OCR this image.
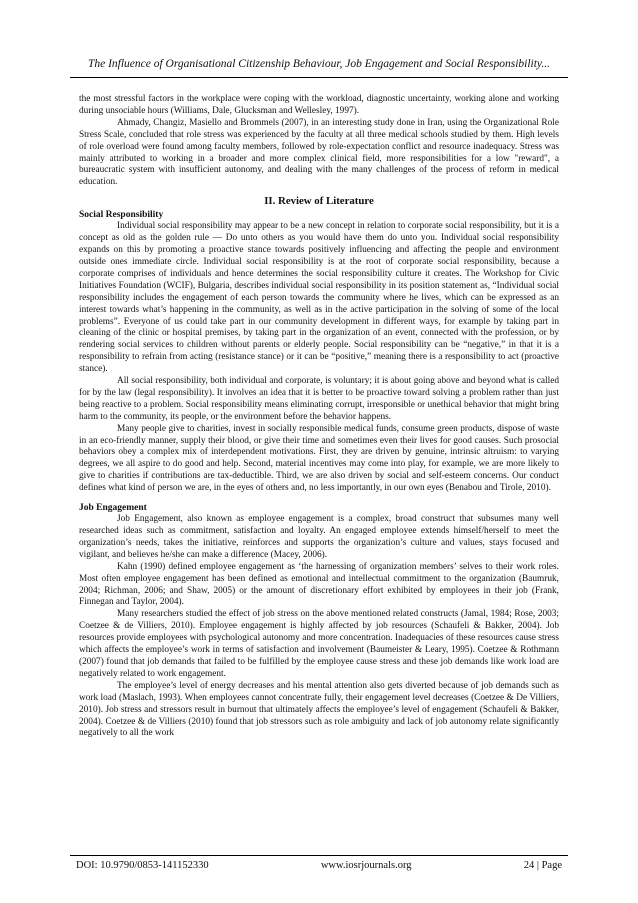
The Influence of Organisational Citizenship Behaviour, Job Engagement and Social Responsibility...

the most stressful factors in the workplace were coping with the workload, diagnostic uncertainty, working alone and working during unsociable hours (Williams, Dale, Glucksman and Wellesley, 1997).

Ahmady, Changiz, Masiello and Brommels (2007), in an interesting study done in Iran, using the Organizational Role Stress Scale, concluded that role stress was experienced by the faculty at all three medical schools studied by them. High levels of role overload were found among faculty members, followed by role-expectation conflict and resource inadequacy. Stress was mainly attributed to working in a broader and more complex clinical field, more responsibilities for a low "reward", a bureaucratic system with insufficient autonomy, and dealing with the many challenges of the process of reform in medical education.

II. Review of Literature
Social Responsibility

Individual social responsibility may appear to be a new concept in relation to corporate social responsibility, but it is a concept as old as the golden rule — Do unto others as you would have them do unto you. Individual social responsibility expands on this by promoting a proactive stance towards positively influencing and affecting the people and environment outside ones immediate circle. Individual social responsibility is at the root of corporate social responsibility, because a corporate comprises of individuals and hence determines the social responsibility culture it creates. The Workshop for Civic Initiatives Foundation (WCIF), Bulgaria, describes individual social responsibility in its position statement as, “Individual social responsibility includes the engagement of each person towards the community where he lives, which can be expressed as an interest towards what’s happening in the community, as well as in the active participation in the solving of some of the local problems”. Everyone of us could take part in our community development in different ways, for example by taking part in cleaning of the clinic or hospital premises, by taking part in the organization of an event, connected with the profession, or by rendering social services to children without parents or elderly people. Social responsibility can be “negative,” in that it is a responsibility to refrain from acting (resistance stance) or it can be “positive,” meaning there is a responsibility to act (proactive stance).

All social responsibility, both individual and corporate, is voluntary; it is about going above and beyond what is called for by the law (legal responsibility). It involves an idea that it is better to be proactive toward solving a problem rather than just being reactive to a problem. Social responsibility means eliminating corrupt, irresponsible or unethical behavior that might bring harm to the community, its people, or the environment before the behavior happens.

Many people give to charities, invest in socially responsible medical funds, consume green products, dispose of waste in an eco-friendly manner, supply their blood, or give their time and sometimes even their lives for good causes. Such prosocial behaviors obey a complex mix of interdependent motivations. First, they are driven by genuine, intrinsic altruism: to varying degrees, we all aspire to do good and help. Second, material incentives may come into play, for example, we are more likely to give to charities if contributions are tax-deductible. Third, we are also driven by social and self-esteem concerns. Our conduct defines what kind of person we are, in the eyes of others and, no less importantly, in our own eyes (Benabou and Tirole, 2010).

Job Engagement

Job Engagement, also known as employee engagement is a complex, broad construct that subsumes many well researched ideas such as commitment, satisfaction and loyalty. An engaged employee extends himself/herself to meet the organization’s needs, takes the initiative, reinforces and supports the organization’s culture and values, stays focused and vigilant, and believes he/she can make a difference (Macey, 2006).

Kahn (1990) defined employee engagement as ‘the harnessing of organization members’ selves to their work roles. Most often employee engagement has been defined as emotional and intellectual commitment to the organization (Baumruk, 2004; Richman, 2006; and Shaw, 2005) or the amount of discretionary effort exhibited by employees in their job (Frank, Finnegan and Taylor, 2004).

Many researchers studied the effect of job stress on the above mentioned related constructs (Jamal, 1984; Rose, 2003; Coetzee & de Villiers, 2010). Employee engagement is highly affected by job resources (Schaufeli & Bakker, 2004). Job resources provide employees with psychological autonomy and more concentration. Inadequacies of these resources cause stress which affects the employee’s work in terms of satisfaction and involvement (Baumeister & Leary, 1995). Coetzee & Rothmann (2007) found that job demands that failed to be fulfilled by the employee cause stress and these job demands like work load are negatively related to work engagement.

The employee’s level of energy decreases and his mental attention also gets diverted because of job demands such as work load (Maslach, 1993). When employees cannot concentrate fully, their engagement level decreases (Coetzee & De Villiers, 2010). Job stress and stressors result in burnout that ultimately affects the employee’s level of engagement (Schaufeli & Bakker, 2004). Coetzee & de Villiers (2010) found that job stressors such as role ambiguity and lack of job autonomy relate significantly negatively to all the work

DOI: 10.9790/0853-141152330	www.iosrjournals.org	24 | Page
